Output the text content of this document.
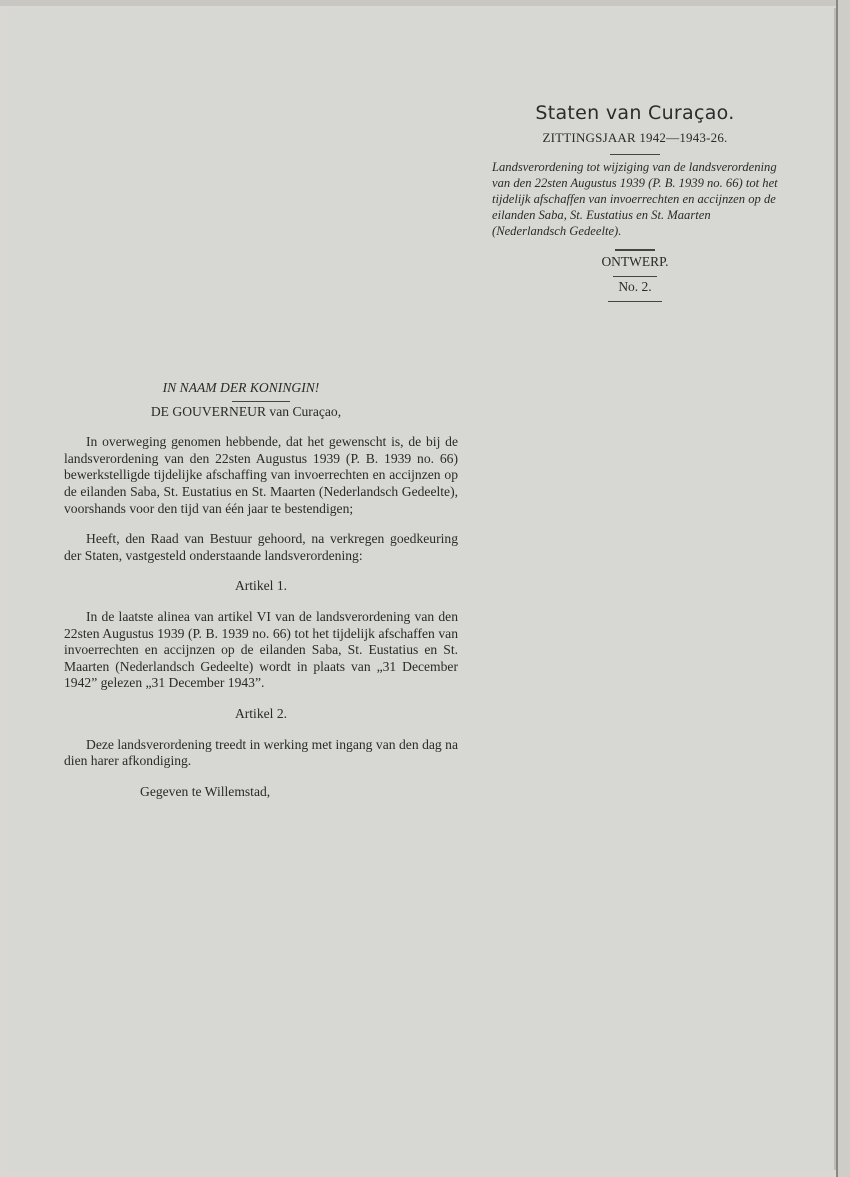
Staten van Curaçao.
ZITTINGSJAAR 1942—1943-26.
Landsverordening tot wijziging van de landsverordening van den 22sten Augustus 1939 (P. B. 1939 no. 66) tot het tijdelijk afschaffen van invoerrechten en accijnzen op de eilanden Saba, St. Eustatius en St. Maarten (Nederlandsch Gedeelte).
ONTWERP.
No. 2.
IN NAAM DER KONINGIN!
DE GOUVERNEUR van Curaçao,

In overweging genomen hebbende, dat het gewenscht is, de bij de landsverordening van den 22sten Augustus 1939 (P. B. 1939 no. 66) bewerkstelligde tijdelijke afschaffing van invoerrechten en accijnzen op de eilanden Saba, St. Eustatius en St. Maarten (Nederlandsch Gedeelte), voorshands voor den tijd van één jaar te bestendigen;

Heeft, den Raad van Bestuur gehoord, na verkregen goedkeuring der Staten, vastgesteld onderstaande landsverordening:

Artikel 1.

In de laatste alinea van artikel VI van de landsverordening van den 22sten Augustus 1939 (P. B. 1939 no. 66) tot het tijdelijk afschaffen van invoerrechten en accijnzen op de eilanden Saba, St. Eustatius en St. Maarten (Nederlandsch Gedeelte) wordt in plaats van „31 December 1942” gelezen „31 December 1943”.

Artikel 2.

Deze landsverordening treedt in werking met ingang van den dag na dien harer afkondiging.

Gegeven te Willemstad,
